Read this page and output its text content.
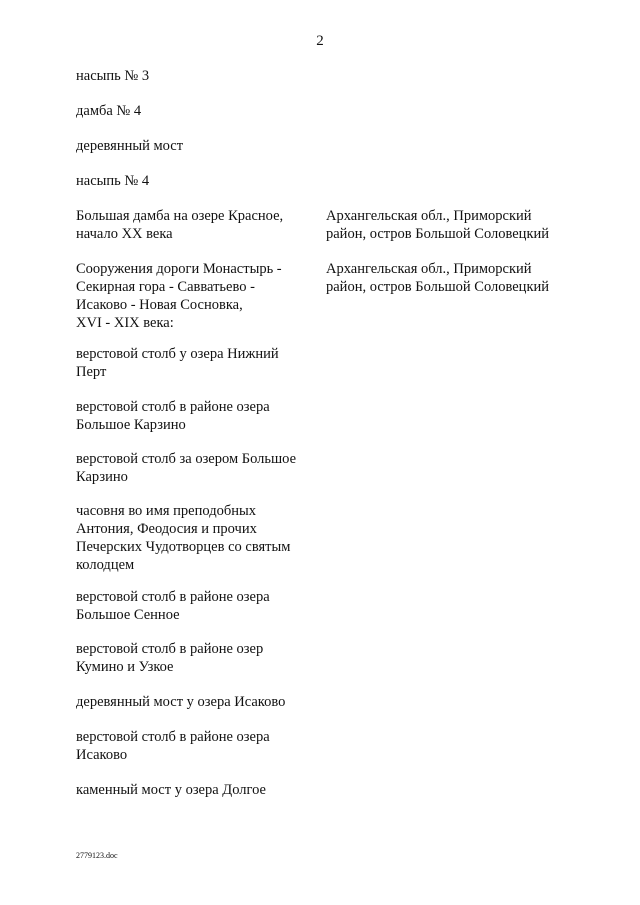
2
насыпь № 3
дамба № 4
деревянный мост
насыпь № 4
Большая дамба на озере Красное,
начало XX века
Архангельская обл., Приморский
район, остров Большой Соловецкий
Сооружения дороги Монастырь -
Секирная гора - Савватьево -
Исаково - Новая Сосновка,
XVI - XIX века:
Архангельская обл., Приморский
район, остров Большой Соловецкий
верстовой столб у озера Нижний
Перт
верстовой столб в районе озера
Большое Карзино
верстовой столб за озером Большое
Карзино
часовня во имя преподобных
Антония, Феодосия и прочих
Печерских Чудотворцев со святым
колодцем
верстовой столб в районе озера
Большое Сенное
верстовой столб в районе озер
Кумино и Узкое
деревянный мост у озера Исаково
верстовой столб в районе озера
Исаково
каменный мост у озера Долгое
2779123.doc
